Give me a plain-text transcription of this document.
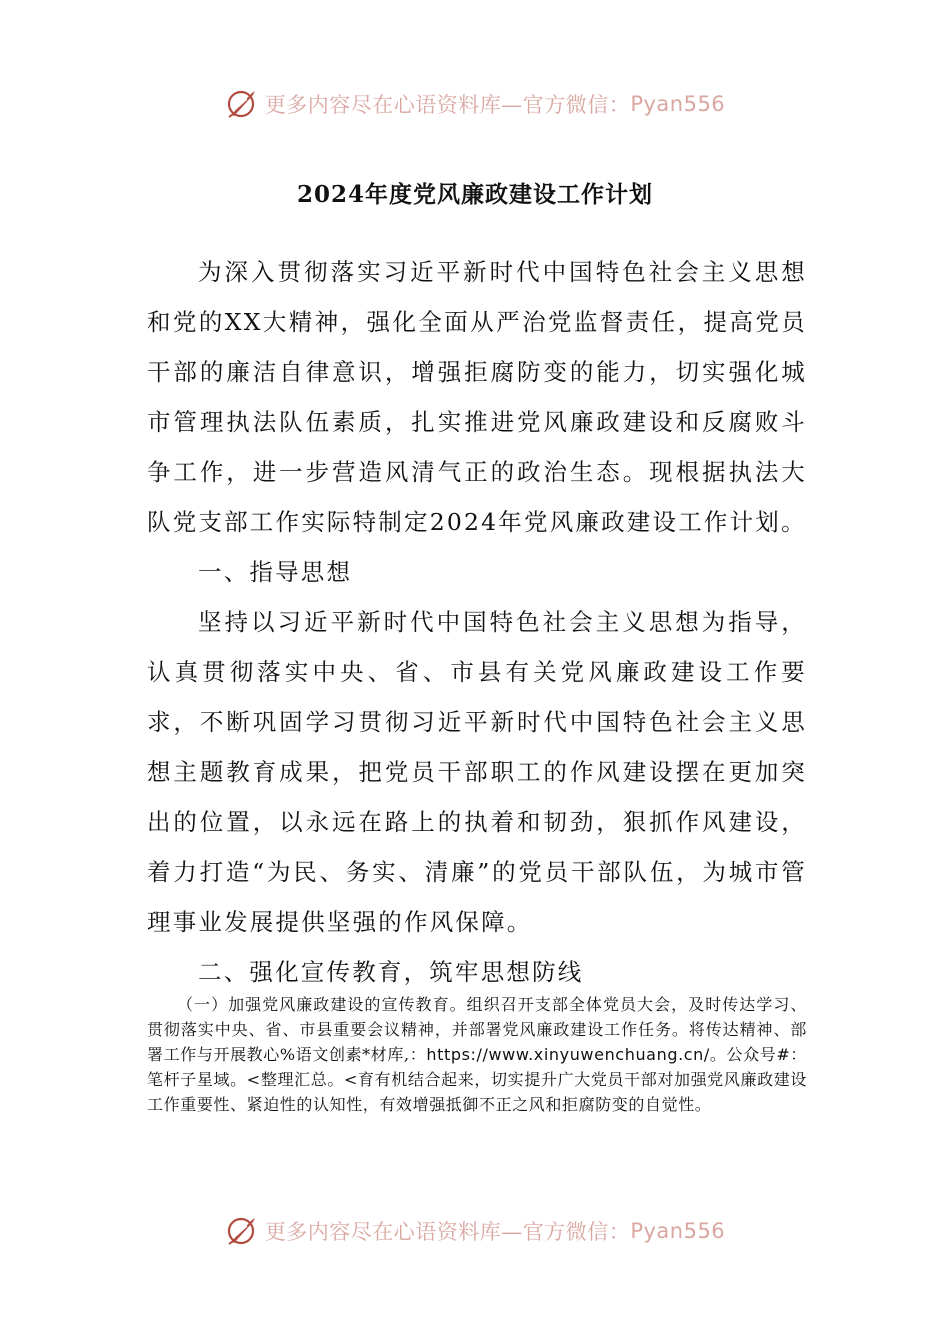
更多内容尽在心语资料库—官方微信： Pyan556
2024年度党风廉政建设工作计划

为深入贯彻落实习近平新时代中国特色社会主义思想和党的XX大精神，强化全面从严治党监督责任，提高党员干部的廉洁自律意识，增强拒腐防变的能力，切实强化城市管理执法队伍素质，扎实推进党风廉政建设和反腐败斗争工作，进一步营造风清气正的政治生态。现根据执法大队党支部工作实际特制定2024年党风廉政建设工作计划。

一、指导思想

坚持以习近平新时代中国特色社会主义思想为指导，认真贯彻落实中央、省、市县有关党风廉政建设工作要求，不断巩固学习贯彻习近平新时代中国特色社会主义思想主题教育成果，把党员干部职工的作风建设摆在更加突出的位置，以永远在路上的执着和韧劲，狠抓作风建设，着力打造“为民、务实、清廉”的党员干部队伍，为城市管理事业发展提供坚强的作风保障。

二、强化宣传教育，筑牢思想防线

（一）加强党风廉政建设的宣传教育。组织召开支部全体党员大会，及时传达学习、贯彻落实中央、省、市县重要会议精神，并部署党风廉政建设工作任务。将传达精神、部署工作与开展教心%语文创素*材库,：https://www.xinyuwenchuang.cn/。公众号#：笔杆子星域。<整理汇总。<育有机结合起来，切实提升广大党员干部对加强党风廉政建设工作重要性、紧迫性的认知性，有效增强抵御不正之风和拒腐防变的自觉性。

更多内容尽在心语资料库—官方微信： Pyan556
